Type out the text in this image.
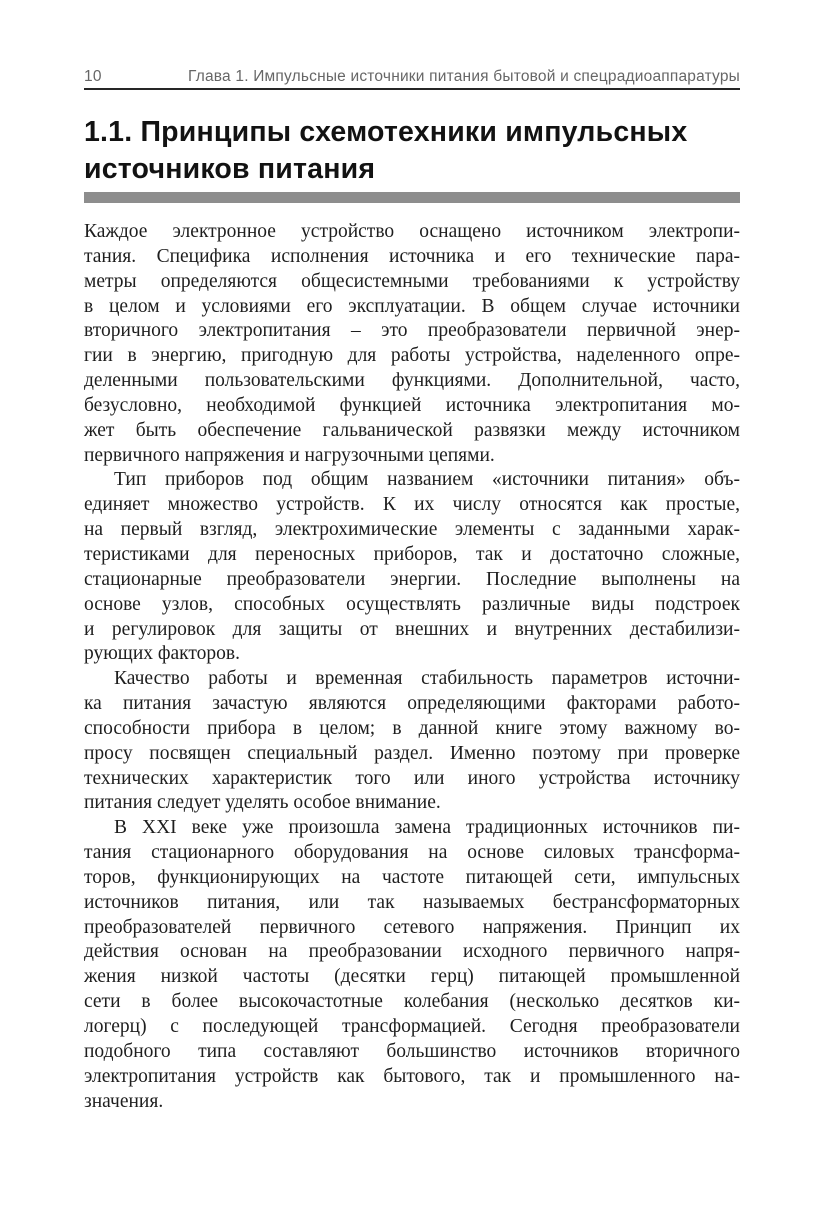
10	Глава 1. Импульсные источники питания бытовой и спецрадиоаппаратуры
1.1. Принципы схемотехники импульсных
источников питания
Каждое электронное устройство оснащено источником электропи-
тания. Специфика исполнения источника и его технические пара-
метры определяются общесистемными требованиями к устройству
в целом и условиями его эксплуатации. В общем случае источники
вторичного электропитания – это преобразователи первичной энер-
гии в энергию, пригодную для работы устройства, наделенного опре-
деленными пользовательскими функциями. Дополнительной, часто,
безусловно, необходимой функцией источника электропитания мо-
жет быть обеспечение гальванической развязки между источником
первичного напряжения и нагрузочными цепями.
Тип приборов под общим названием «источники питания» объ-
единяет множество устройств. К их числу относятся как простые,
на первый взгляд, электрохимические элементы с заданными харак-
теристиками для переносных приборов, так и достаточно сложные,
стационарные преобразователи энергии. Последние выполнены на
основе узлов, способных осуществлять различные виды подстроек
и регулировок для защиты от внешних и внутренних дестабилизи-
рующих факторов.
Качество работы и временная стабильность параметров источни-
ка питания зачастую являются определяющими факторами работо-
способности прибора в целом; в данной книге этому важному во-
просу посвящен специальный раздел. Именно поэтому при проверке
технических характеристик того или иного устройства источнику
питания следует уделять особое внимание.
В XXI веке уже произошла замена традиционных источников пи-
тания стационарного оборудования на основе силовых трансформа-
торов, функционирующих на частоте питающей сети, импульсных
источников питания, или так называемых бестрансформаторных
преобразователей первичного сетевого напряжения. Принцип их
действия основан на преобразовании исходного первичного напря-
жения низкой частоты (десятки герц) питающей промышленной
сети в более высокочастотные колебания (несколько десятков ки-
логерц) с последующей трансформацией. Сегодня преобразователи
подобного типа составляют большинство источников вторичного
электропитания устройств как бытового, так и промышленного на-
значения.
